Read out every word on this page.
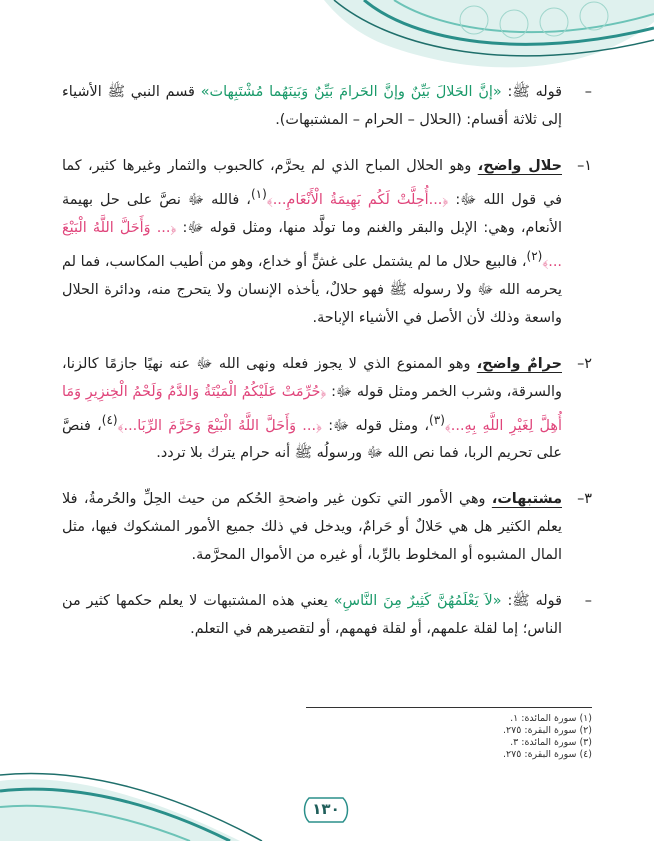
–
قوله ﷺ: «إنَّ الحَلالَ بَيِّنٌ وإنَّ الحَرامَ بَيِّنٌ وَبَينَهُما مُشْتَبِهات» قسم النبي ﷺ الأشياء إلى ثلاثة أقسام: (الحلال – الحرام – المشتبهات).

١–
حلال واضح، وهو الحلال المباح الذي لم يحرَّم، كالحبوب والثمار وغيرها كثير، كما في قول الله ﷻ: ﴿...أُحِلَّتْ لَكُم بَهِيمَةُ الْأَنْعَامِ...﴾$^{(١)}$، فالله ﷻ نصَّ على حل بهيمة الأنعام، وهي: الإبل والبقر والغنم وما تولَّد منها، ومثل قوله ﷻ: ﴿... وَأَحَلَّ اللَّهُ الْبَيْعَ ...﴾$^{(٢)}$، فالبيع حلال ما لم يشتمل على غشٍّ أو خداع، وهو من أطيب المكاسب، فما لم يحرمه الله ﷻ ولا رسوله ﷺ فهو حلالٌ، يأخذه الإنسان ولا يتحرج منه، ودائرة الحلال واسعة وذلك لأن الأصل في الأشياء الإباحة.

٢–
حرامٌ واضح، وهو الممنوع الذي لا يجوز فعله ونهى الله ﷻ عنه نهيًا جازمًا كالزنا، والسرقة، وشرب الخمر ومثل قوله ﷻ: ﴿حُرِّمَتْ عَلَيْكُمُ الْمَيْتَةُ وَالدَّمُ وَلَحْمُ الْخِنزِيرِ وَمَا أُهِلَّ لِغَيْرِ اللَّهِ بِهِ...﴾$^{(٣)}$، ومثل قوله ﷻ: ﴿... وَأَحَلَّ اللَّهُ الْبَيْعَ وَحَرَّمَ الرِّبَا...﴾$^{(٤)}$، فنصَّ على تحريم الربا، فما نص الله ﷻ ورسولُه ﷺ أنه حرام يترك بلا تردد.

٣–
مشتبهات، وهي الأمور التي تكون غير واضحةِ الحُكم من حيث الحِلِّ والحُرمةُ، فلا يعلم الكثير هل هي حَلالٌ أو حَرامٌ، ويدخل في ذلك جميع الأمور المشكوك فيها، مثل المال المشبوه أو المخلوط بالرِّبا، أو غيره من الأموال المحرَّمة.

–
قوله ﷺ: «لاَ يَعْلَمُهُنَّ كَثِيرٌ مِنَ النَّاسِ» يعني هذه المشتبهات لا يعلم حكمها كثير من الناس؛ إما لقلة علمهم، أو لقلة فهمهم، أو لتقصيرهم في التعلم.

(١) سورة المائدة: ١.
(٢) سورة البقرة: ٢٧٥.
(٣) سورة المائدة: ٣.
(٤) سورة البقرة: ٢٧٥.
١٣٠
